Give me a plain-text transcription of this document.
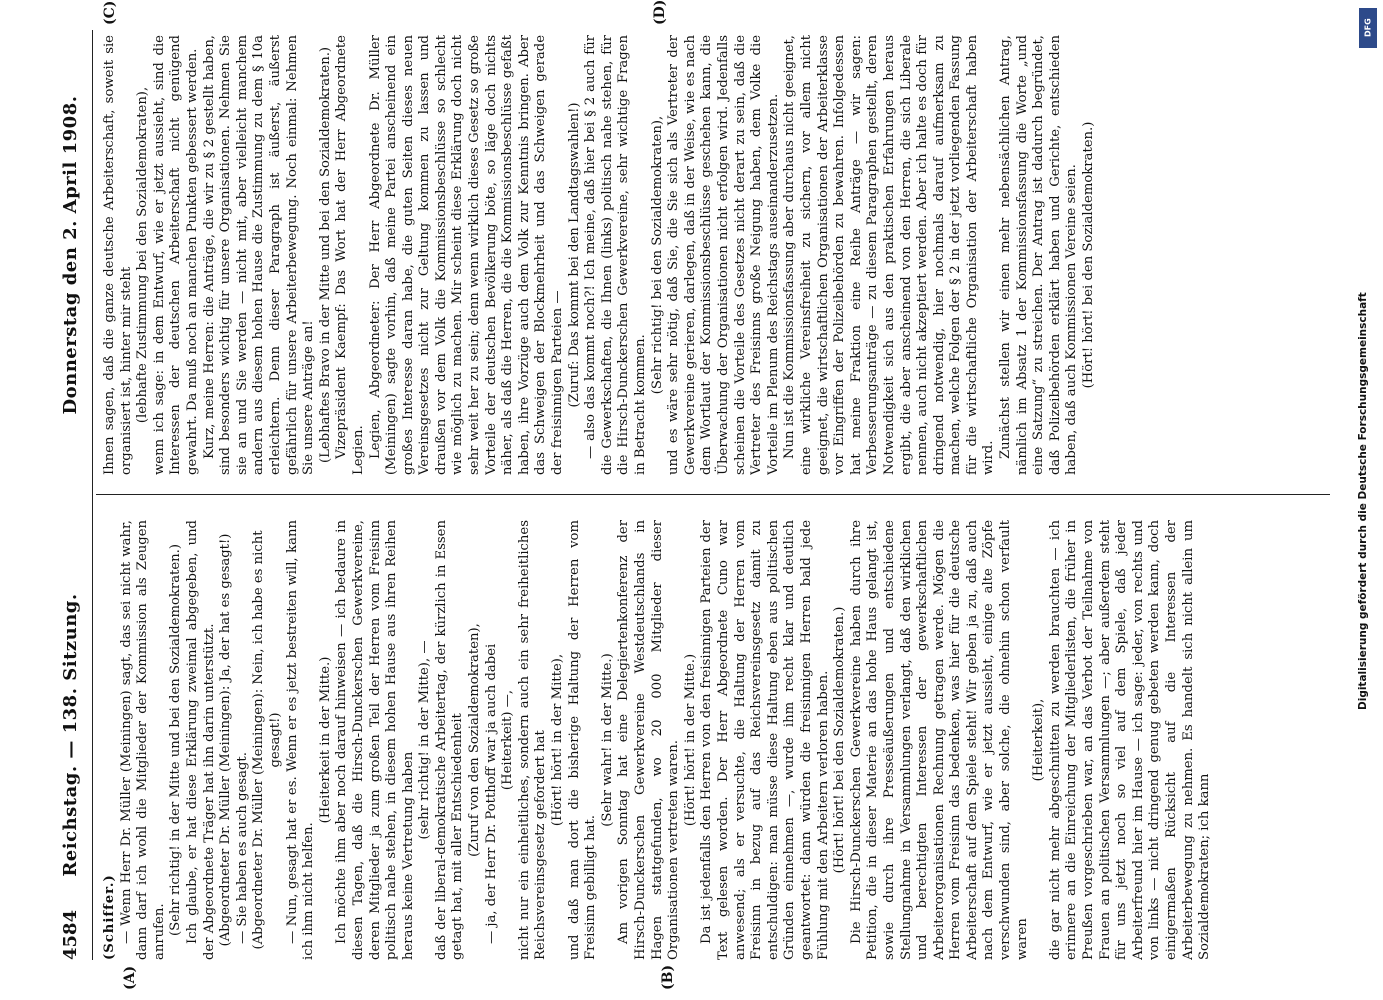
4584
Reichstag. — 138. Sitzung.
Donnerstag den 2. April 1908.
(A)	(B)
(C)	(D)

(Schiffer.) — Wenn Herr Dr. Müller (Meiningen) sagt, das sei nicht wahr, dann darf ich wohl die Mitglieder der Kommission als Zeugen anrufen. (Sehr richtig! in der Mitte und bei den Sozialdemokraten.) Ich glaube, er hat diese Erklärung zweimal abgegeben, und der Abgeordnete Träger hat ihn darin unterstützt. (Abgeordneter Dr. Müller (Meiningen): Ja, der hat es gesagt!) — Sie haben es auch gesagt. (Abgeordneter Dr. Müller (Meiningen): Nein, ich habe es nicht gesagt!) — Nun, gesagt hat er es. Wenn er es jetzt bestreiten will, kann ich ihm nicht helfen.

(Heiterkeit in der Mitte.) Ich möchte ihm aber noch darauf hinweisen — ich bedaure in diesen Tagen, daß die Hirsch-Dunckerschen Gewerkvereine, deren Mitglieder ja zum großen Teil der Herren vom Freisinn politisch nahe stehen, in diesem hohen Hause aus ihren Reihen heraus keine Vertretung haben

(sehr richtig! in der Mitte), — daß der liberal-demokratische Arbeitertag, der kürzlich in Essen getagt hat, mit aller Entschiedenheit (Zuruf von den Sozialdemokraten), — ja, der Herr Dr. Potthoff war ja auch dabei (Heiterkeit) —, nicht nur ein einheitliches, sondern auch ein sehr freiheitliches Reichsvereinsgesetz gefordert hat (Hört! hört! in der Mitte), und daß man dort die bisherige Haltung der Herren vom Freisinn gebilligt hat.

(Sehr wahr! in der Mitte.) Am vorigen Sonntag hat eine Delegiertenkonferenz der Hirsch-Dunckerschen Gewerkvereine Westdeutschlands in Hagen stattgefunden, wo 20 000 Mitglieder dieser Organisationen vertreten waren.

(Hört! hört! in der Mitte.) Da ist jedenfalls den Herren von den freisinnigen Parteien der Text gelesen worden. Der Herr Abgeordnete Cuno war anwesend; als er versuchte, die Haltung der Herren vom Freisinn in bezug auf das Reichsvereinsgesetz damit zu entschuldigen: man müsse diese Haltung eben aus politischen Gründen einnehmen —, wurde ihm recht klar und deutlich geantwortet: dann würden die freisinnigen Herren bald jede Fühlung mit den Arbeitern verloren haben. (Hört! hört! bei den Sozialdemokraten.) Die Hirsch-Dunckerschen Gewerkvereine haben durch ihre Petition, die in dieser Materie an das hohe Haus gelangt ist, sowie durch ihre Presseäußerungen und entschiedene Stellungnahme in Versammlungen verlangt, daß den wirklichen und berechtigten Interessen der gewerkschaftlichen Arbeiterorganisationen Rechnung getragen werde. Mögen die Herren vom Freisinn das bedenken, was hier für die deutsche Arbeiterschaft auf dem Spiele steht! Wir geben ja zu, daß auch nach dem Entwurf, wie er jetzt aussieht, einige alte Zöpfe verschwunden sind, aber solche, die ohnehin schon verfault waren

(Heiterkeit), die gar nicht mehr abgeschnitten zu werden brauchten — ich erinnere an die Einreichung der Mitgliederlisten, die früher in Preußen vorgeschrieben war, an das Verbot der Teilnahme von Frauen an politischen Versammlungen —; aber außerdem steht für uns jetzt noch so viel auf dem Spiele, daß jeder Arbeiterfreund hier im Hause — ich sage: jeder, von rechts und von links — nicht dringend genug gebeten werden kann, doch einigermaßen Rücksicht auf die Interessen der Arbeiterbewegung zu nehmen. Es handelt sich nicht allein um Sozialdemokraten; ich kann

Ihnen sagen, daß die ganze deutsche Arbeiterschaft, soweit sie organisiert ist, hinter mir steht (lebhafte Zustimmung bei den Sozialdemokraten), wenn ich sage: in dem Entwurf, wie er jetzt aussieht, sind die Interessen der deutschen Arbeiterschaft nicht genügend gewahrt. Da muß noch an manchen Punkten gebessert werden. Kurz, meine Herren: die Anträge, die wir zu § 2 gestellt haben, sind besonders wichtig für unsere Organisationen. Nehmen Sie sie an und Sie werden — nicht mit, aber vielleicht manchem andern aus diesem hohen Hause die Zustimmung zu dem § 10a erleichtern. Denn dieser Paragraph ist äußerst, äußerst gefährlich für unsere Arbeiterbewegung. Noch einmal: Nehmen Sie unsere Anträge an! (Lebhaftes Bravo in der Mitte und bei den Sozialdemokraten.) Vizepräsident Kaempf: Das Wort hat der Herr Abgeordnete Legien. Legien, Abgeordneter: Der Herr Abgeordnete Dr. Müller (Meiningen) sagte vorhin, daß meine Partei anscheinend ein großes Interesse daran habe, die guten Seiten dieses neuen Vereinsgesetzes nicht zur Geltung kommen zu lassen und draußen vor dem Volk die Kommissionsbeschlüsse so schlecht wie möglich zu machen. Mir scheint diese Erklärung doch nicht sehr weit her zu sein; denn wenn wirklich dieses Gesetz so große Vorteile der deutschen Bevölkerung böte, so läge doch nichts näher, als daß die Herren, die die Kommissionsbeschlüsse gefaßt haben, ihre Vorzüge auch dem Volk zur Kenntnis bringen. Aber das Schweigen der Blockmehrheit und das Schweigen gerade der freisinnigen Parteien — (Zuruf: Das kommt bei den Landtagswahlen!) — also das kommt noch?! Ich meine, daß hier bei § 2 auch für die Gewerkschaften, die Ihnen (links) politisch nahe stehen, für die Hirsch-Dunckerschen Gewerkvereine, sehr wichtige Fragen in Betracht kommen.

(Sehr richtig! bei den Sozialdemokraten), und es wäre sehr nötig, daß Sie, die Sie sich als Vertreter der Gewerkvereine gerieren, darlegen, daß in der Weise, wie es nach dem Wortlaut der Kommissionsbeschlüsse geschehen kann, die Überwachung der Organisationen nicht erfolgen wird. Jedenfalls scheinen die Vorteile des Gesetzes nicht derart zu sein, daß die Vertreter des Freisinns große Neigung haben, dem Volke die Vorteile im Plenum des Reichstags auseinanderzusetzen. Nun ist die Kommissionsfassung aber durchaus nicht geeignet, eine wirkliche Vereinsfreiheit zu sichern, vor allem nicht geeignet, die wirtschaftlichen Organisationen der Arbeiterklasse vor Eingriffen der Polizeibehörden zu bewahren. Infolgedessen hat meine Fraktion eine Reihe Anträge — wir sagen: Verbesserungsanträge — zu diesem Paragraphen gestellt, deren Notwendigkeit sich aus den praktischen Erfahrungen heraus ergibt, die aber anscheinend von den Herren, die sich Liberale nennen, auch nicht akzeptiert werden. Aber ich halte es doch für dringend notwendig, hier nochmals darauf aufmerksam zu machen, welche Folgen der § 2 in der jetzt vorliegenden Fassung für die wirtschaftliche Organisation der Arbeiterschaft haben wird. Zunächst stellen wir einen mehr nebensächlichen Antrag, nämlich im Absatz 1 der Kommissionsfassung die Worte „und eine Satzung“ zu streichen. Der Antrag ist dadurch begründet, daß Polizeibehörden erklärt haben und Gerichte, entschieden haben, daß auch Kommissionen Vereine seien. (Hört! hört! bei den Sozialdemokraten.)

Digitalisierung gefördert durch die Deutsche Forschungsgemeinschaft
DFG
